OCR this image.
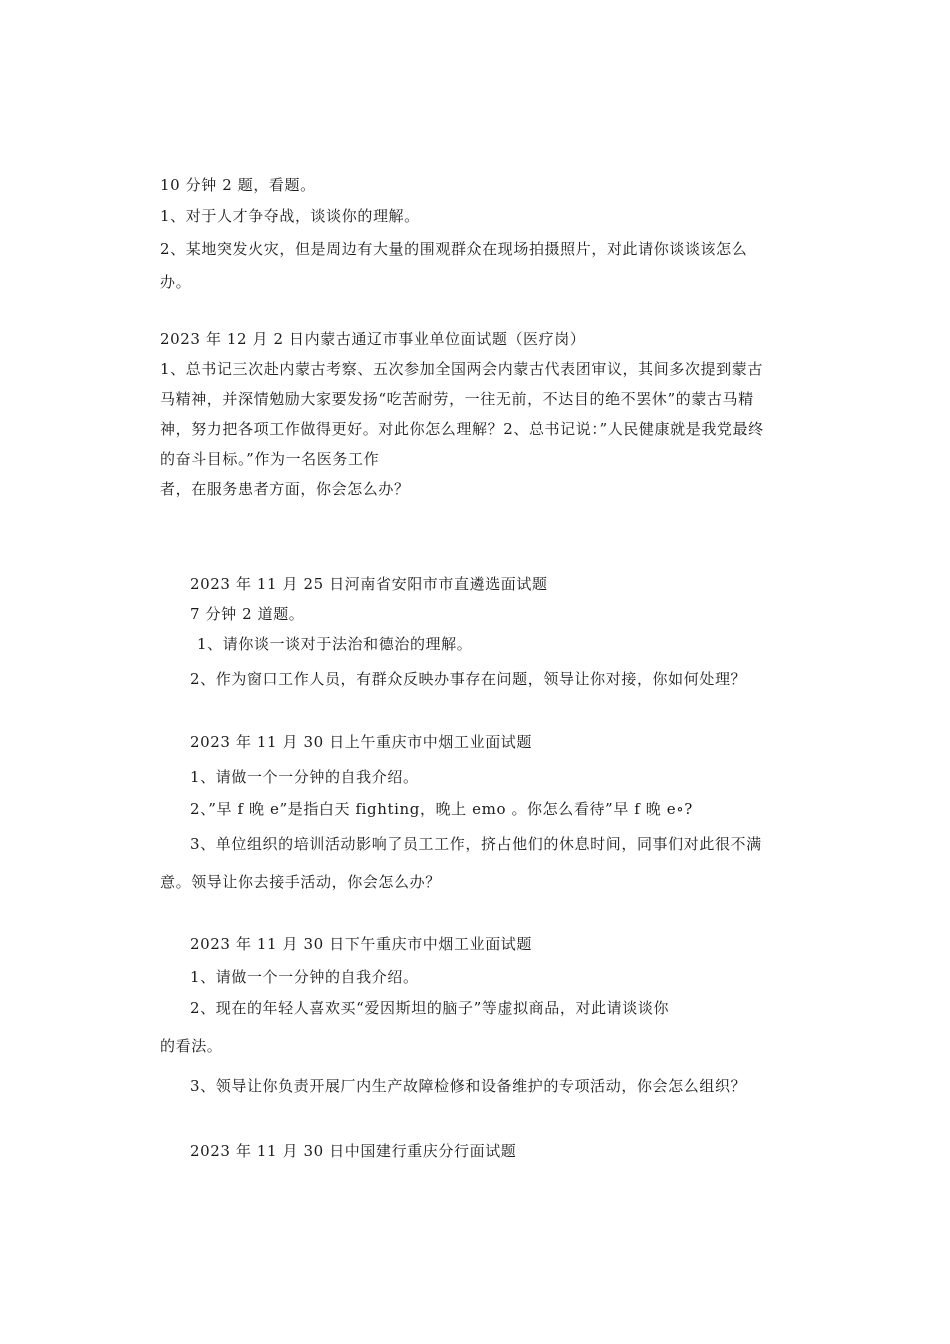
10 分钟 2 题，看题。
1、对于人才争夺战，谈谈你的理解。
2、某地突发火灾，但是周边有大量的围观群众在现场拍摄照片，对此请你谈谈该怎么
办。
2023 年 12 月 2 日内蒙古通辽市事业单位面试题（医疗岗）
1、总书记三次赴内蒙古考察、五次参加全国两会内蒙古代表团审议，其间多次提到蒙古
马精神，并深情勉励大家要发扬“吃苦耐劳，一往无前，不达目的绝不罢休”的蒙古马精
神，努力把各项工作做得更好。对此你怎么理解？2、总书记说：”人民健康就是我党最终
的奋斗目标。”作为一名医务工作
者，在服务患者方面，你会怎么办？
2023 年 11 月 25 日河南省安阳市市直遴选面试题
7 分钟 2 道题。
1、请你谈一谈对于法治和德治的理解。
2、作为窗口工作人员，有群众反映办事存在问题，领导让你对接，你如何处理？
2023 年 11 月 30 日上午重庆市中烟工业面试题
1、请做一个一分钟的自我介绍。
2、”早 f 晚 e”是指白天 fighting，晚上 emo 。你怎么看待”早 f 晚 e∘?
3、单位组织的培训活动影响了员工工作，挤占他们的休息时间，同事们对此很不满
意。领导让你去接手活动，你会怎么办？
2023 年 11 月 30 日下午重庆市中烟工业面试题
1、请做一个一分钟的自我介绍。
2、现在的年轻人喜欢买“爱因斯坦的脑子”等虚拟商品，对此请谈谈你
的看法。
3、领导让你负责开展厂内生产故障检修和设备维护的专项活动，你会怎么组织？
2023 年 11 月 30 日中国建行重庆分行面试题
